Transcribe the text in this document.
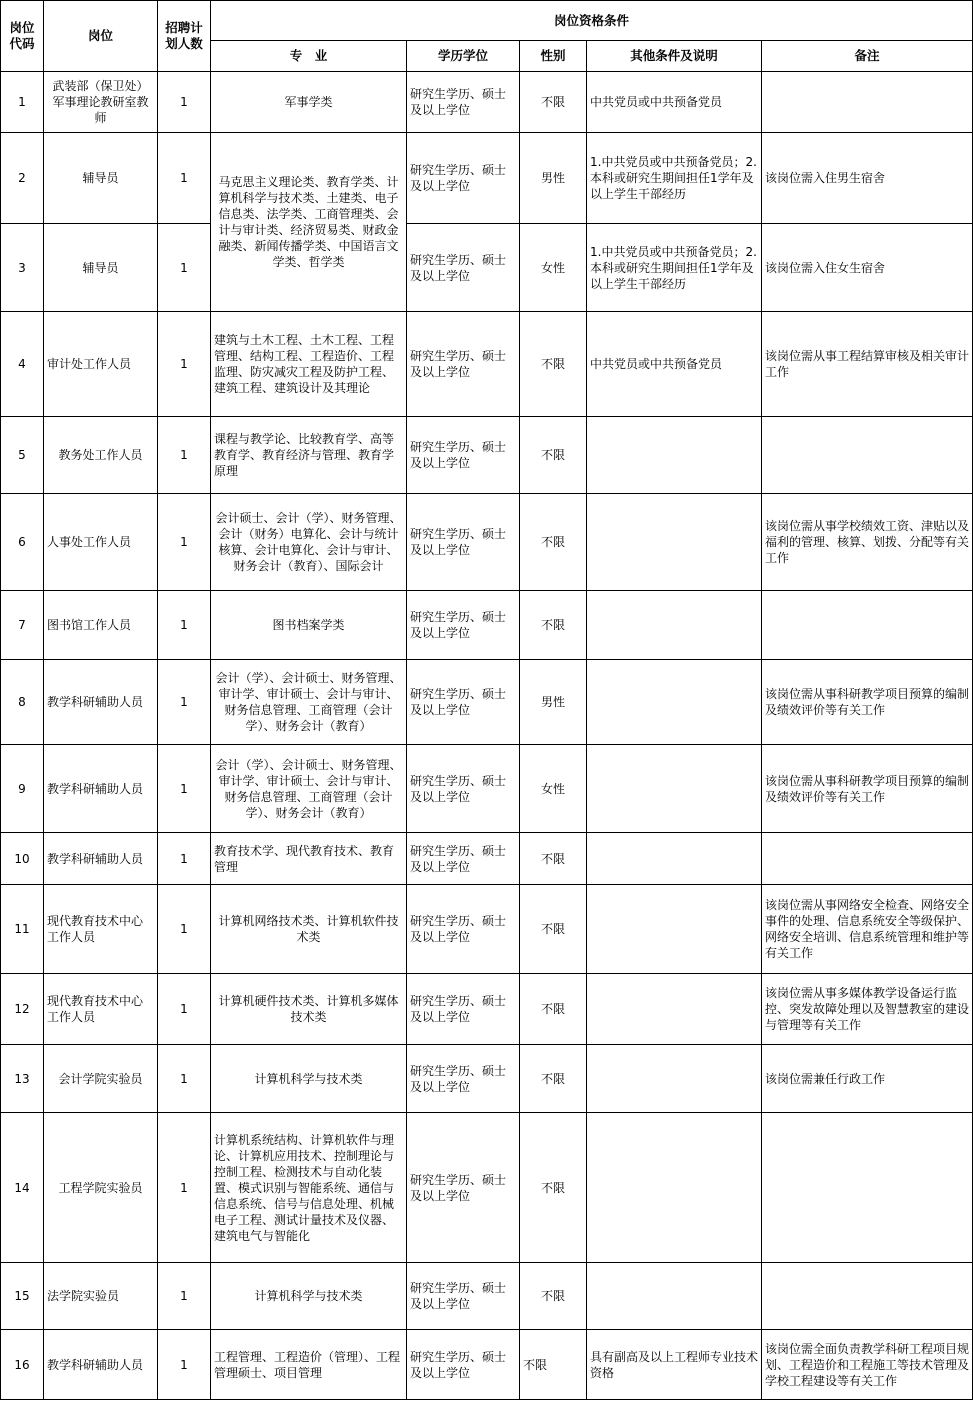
岗位代码	岗位	招聘计划人数	岗位资格条件				
			专　业	学历学位	性别	其他条件及说明	备注
1	武装部（保卫处）军事理论教研室教师	1	军事学类	研究生学历、硕士及以上学位	不限	中共党员或中共预备党员	
2	辅导员	1	马克思主义理论类、教育学类、计算机科学与技术类、土建类、电子信息类、法学类、工商管理类、会计与审计类、经济贸易类、财政金融类、新闻传播学类、中国语言文学类、哲学类	研究生学历、硕士及以上学位	男性	1.中共党员或中共预备党员；2.本科或研究生期间担任1学年及以上学生干部经历	该岗位需入住男生宿舍
3	辅导员	1		研究生学历、硕士及以上学位	女性	1.中共党员或中共预备党员；2.本科或研究生期间担任1学年及以上学生干部经历	该岗位需入住女生宿舍
4	审计处工作人员	1	建筑与土木工程、土木工程、工程管理、结构工程、工程造价、工程监理、防灾减灾工程及防护工程、建筑工程、建筑设计及其理论	研究生学历、硕士及以上学位	不限	中共党员或中共预备党员	该岗位需从事工程结算审核及相关审计工作
5	教务处工作人员	1	课程与教学论、比较教育学、高等教育学、教育经济与管理、教育学原理	研究生学历、硕士及以上学位	不限		
6	人事处工作人员	1	会计硕士、会计（学）、财务管理、会计（财务）电算化、会计与统计核算、会计电算化、会计与审计、财务会计（教育）、国际会计	研究生学历、硕士及以上学位	不限		该岗位需从事学校绩效工资、津贴以及福利的管理、核算、划拨、分配等有关工作
7	图书馆工作人员	1	图书档案学类	研究生学历、硕士及以上学位	不限		
8	教学科研辅助人员	1	会计（学）、会计硕士、财务管理、审计学、审计硕士、会计与审计、财务信息管理、工商管理（会计学）、财务会计（教育）	研究生学历、硕士及以上学位	男性		该岗位需从事科研教学项目预算的编制及绩效评价等有关工作
9	教学科研辅助人员	1	会计（学）、会计硕士、财务管理、审计学、审计硕士、会计与审计、财务信息管理、工商管理（会计学）、财务会计（教育）	研究生学历、硕士及以上学位	女性		该岗位需从事科研教学项目预算的编制及绩效评价等有关工作
10	教学科研辅助人员	1	教育技术学、现代教育技术、教育管理	研究生学历、硕士及以上学位	不限		
11	现代教育技术中心工作人员	1	计算机网络技术类、计算机软件技术类	研究生学历、硕士及以上学位	不限		该岗位需从事网络安全检查、网络安全事件的处理、信息系统安全等级保护、网络安全培训、信息系统管理和维护等有关工作
12	现代教育技术中心工作人员	1	计算机硬件技术类、计算机多媒体技术类	研究生学历、硕士及以上学位	不限		该岗位需从事多媒体教学设备运行监控、突发故障处理以及智慧教室的建设与管理等有关工作
13	会计学院实验员	1	计算机科学与技术类	研究生学历、硕士及以上学位	不限		该岗位需兼任行政工作
14	工程学院实验员	1	计算机系统结构、计算机软件与理论、计算机应用技术、控制理论与控制工程、检测技术与自动化装置、模式识别与智能系统、通信与信息系统、信号与信息处理、机械电子工程、测试计量技术及仪器、建筑电气与智能化	研究生学历、硕士及以上学位	不限		
15	法学院实验员	1	计算机科学与技术类	研究生学历、硕士及以上学位	不限		
16	教学科研辅助人员	1	工程管理、工程造价（管理）、工程管理硕士、项目管理	研究生学历、硕士及以上学位	不限	具有副高及以上工程师专业技术资格	该岗位需全面负责教学科研工程项目规划、工程造价和工程施工等技术管理及学校工程建设等有关工作
